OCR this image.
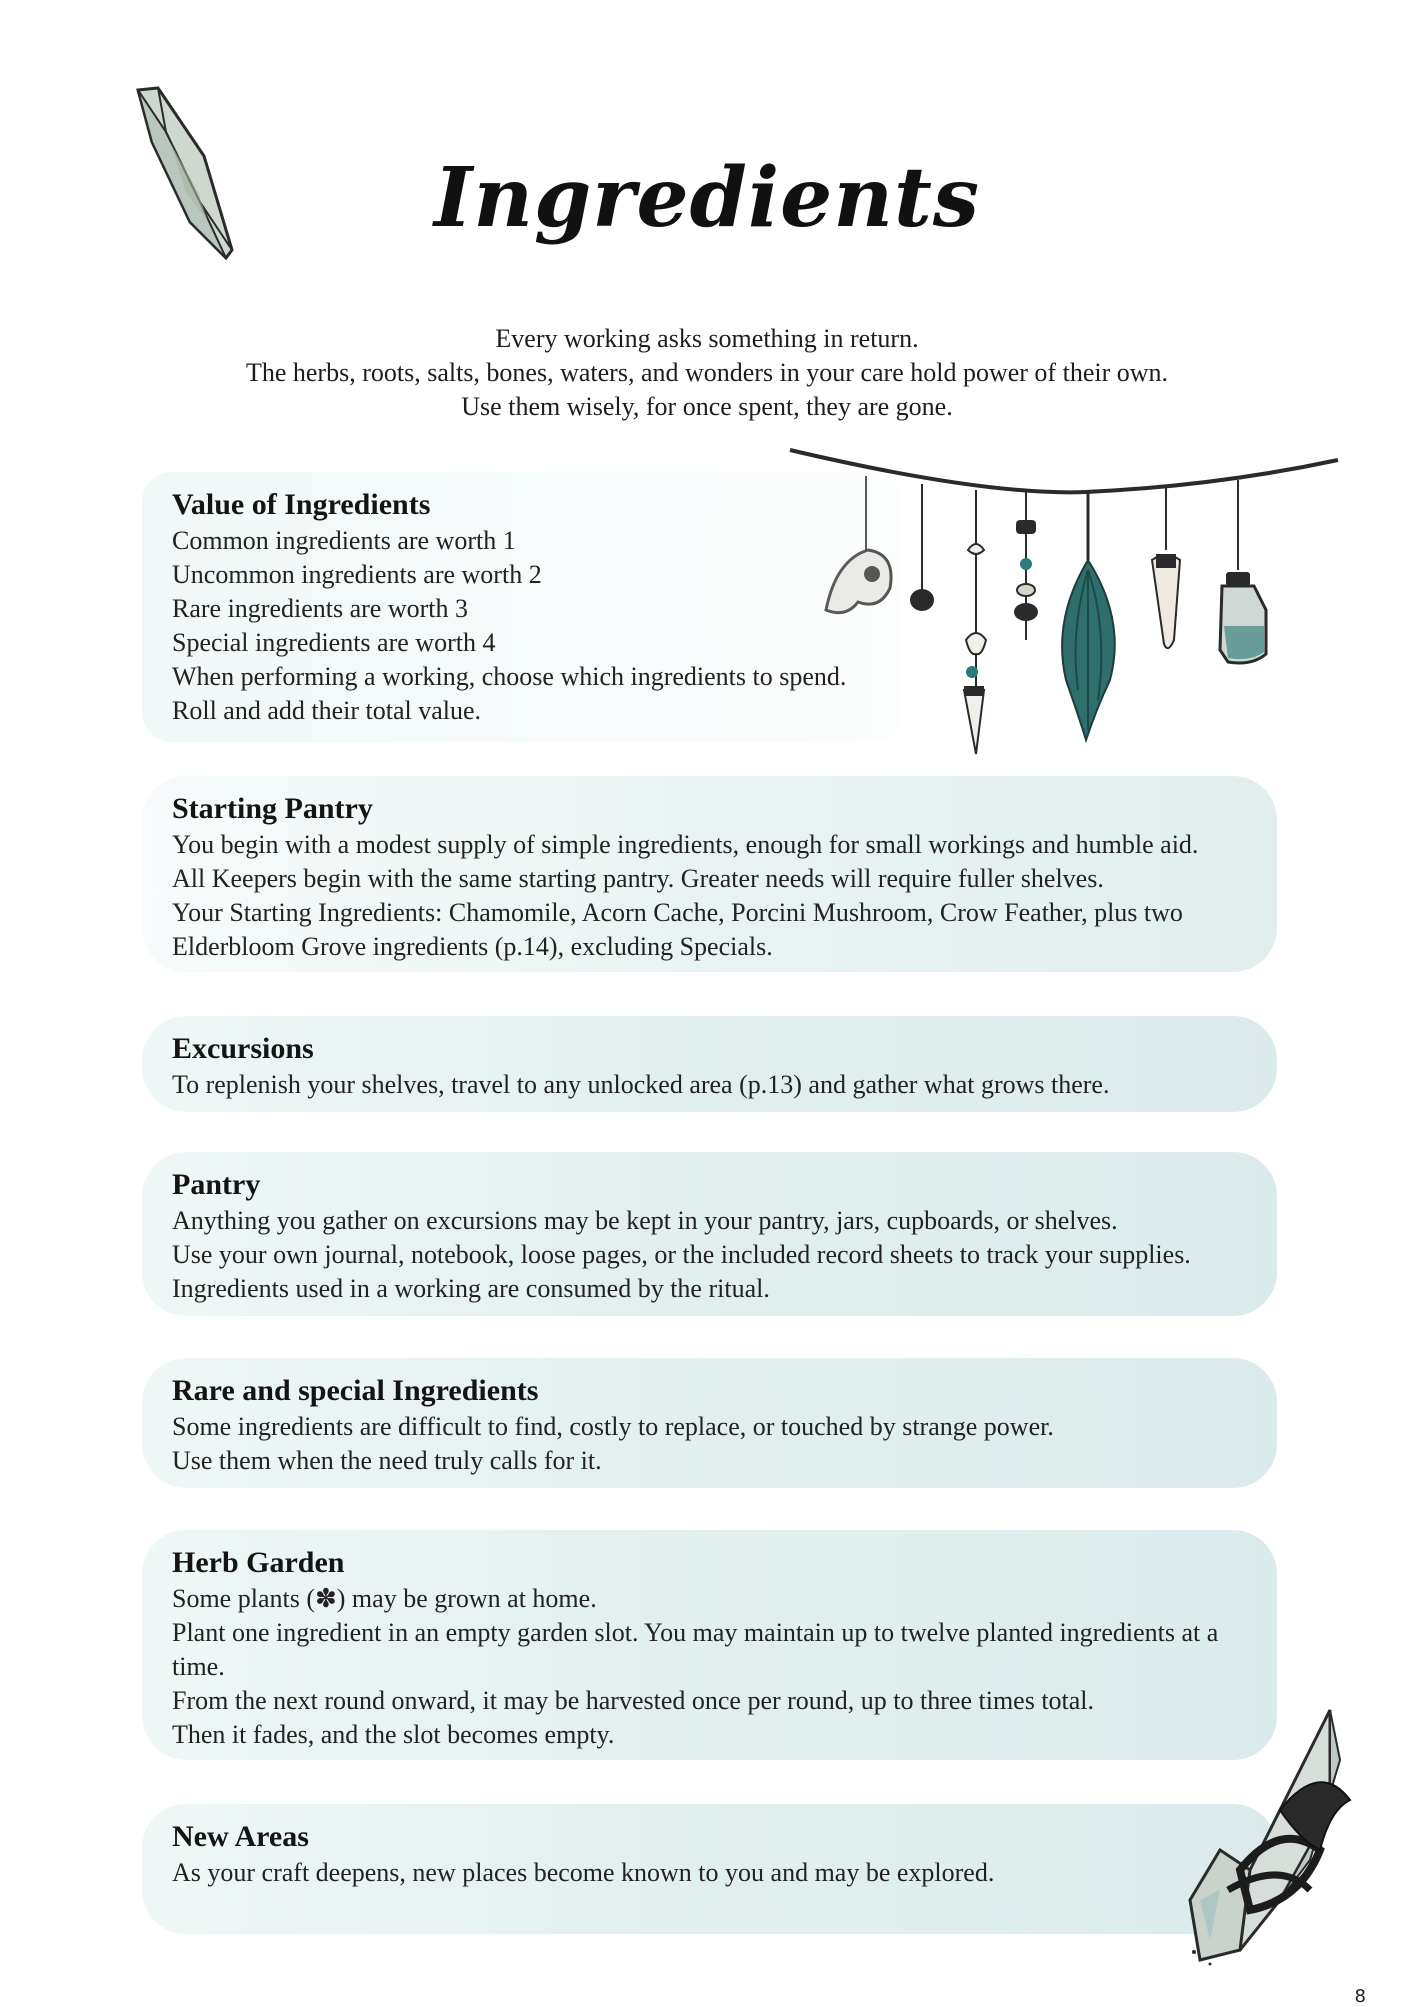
Ingredients
Every working asks something in return.
The herbs, roots, salts, bones, waters, and wonders in your care hold power of their own.
Use them wisely, for once spent, they are gone.
Value of Ingredients
Common ingredients are worth 1
Uncommon ingredients are worth 2
Rare ingredients are worth 3
Special ingredients are worth 4
When performing a working, choose which ingredients to spend.
Roll and add their total value.
Starting Pantry
You begin with a modest supply of simple ingredients, enough for small workings and humble aid.
All Keepers begin with the same starting pantry. Greater needs will require fuller shelves.
Your Starting Ingredients: Chamomile, Acorn Cache, Porcini Mushroom, Crow Feather, plus two
Elderbloom Grove ingredients (p.14), excluding Specials.
Excursions
To replenish your shelves, travel to any unlocked area (p.13) and gather what grows there.
Pantry
Anything you gather on excursions may be kept in your pantry, jars, cupboards, or shelves.
Use your own journal, notebook, loose pages, or the included record sheets to track your supplies.
Ingredients used in a working are consumed by the ritual.
Rare and special Ingredients
Some ingredients are difficult to find, costly to replace, or touched by strange power.
Use them when the need truly calls for it.
Herb Garden
Some plants (✽) may be grown at home.
Plant one ingredient in an empty garden slot. You may maintain up to twelve planted ingredients at a
time.
From the next round onward, it may be harvested once per round, up to three times total.
Then it fades, and the slot becomes empty.
New Areas
As your craft deepens, new places become known to you and may be explored.
8
